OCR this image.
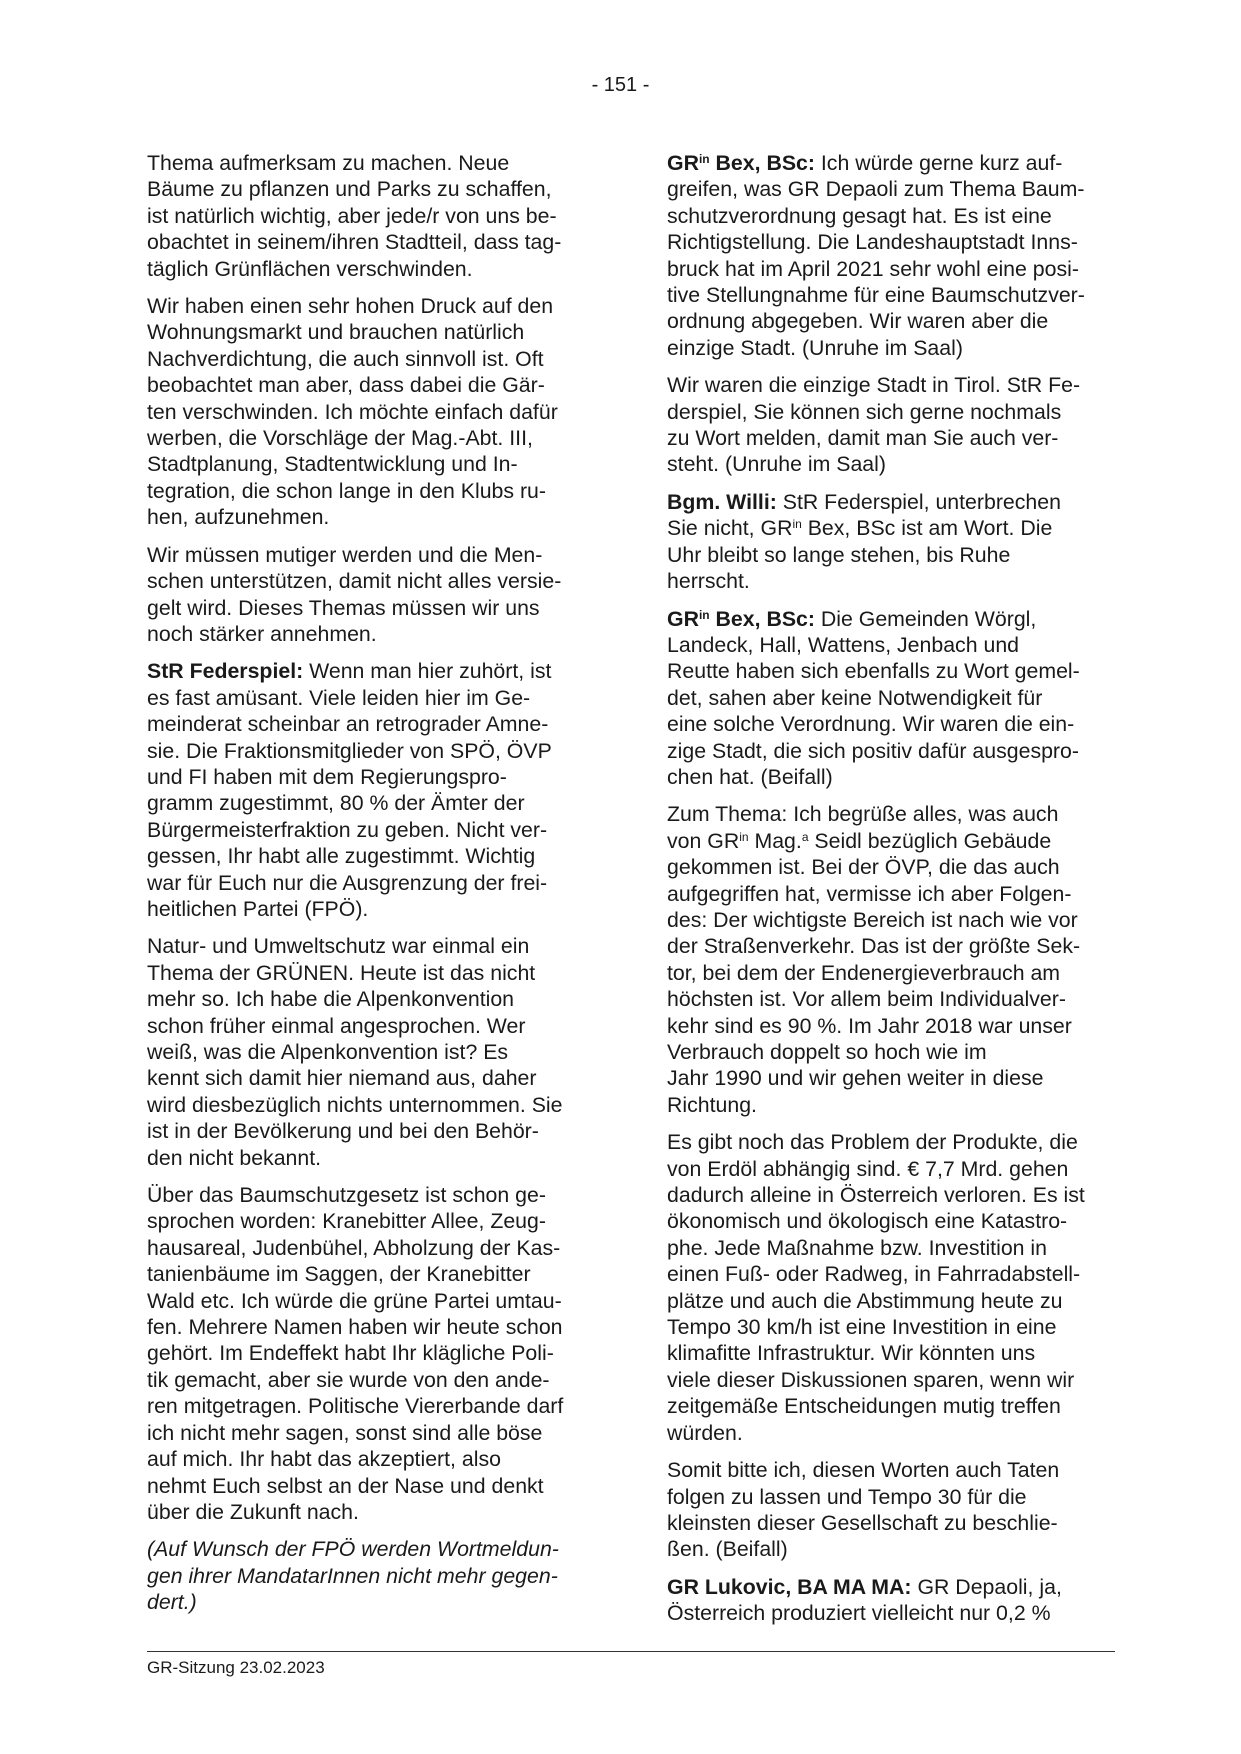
- 151 -

Thema aufmerksam zu machen. Neue
Bäume zu pflanzen und Parks zu schaffen,
ist natürlich wichtig, aber jede/r von uns be-
obachtet in seinem/ihren Stadtteil, dass tag-
täglich Grünflächen verschwinden.

Wir haben einen sehr hohen Druck auf den
Wohnungsmarkt und brauchen natürlich
Nachverdichtung, die auch sinnvoll ist. Oft
beobachtet man aber, dass dabei die Gär-
ten verschwinden. Ich möchte einfach dafür
werben, die Vorschläge der Mag.-Abt. III,
Stadtplanung, Stadtentwicklung und In-
tegration, die schon lange in den Klubs ru-
hen, aufzunehmen.

Wir müssen mutiger werden und die Men-
schen unterstützen, damit nicht alles versie-
gelt wird. Dieses Themas müssen wir uns
noch stärker annehmen.

StR Federspiel: Wenn man hier zuhört, ist
es fast amüsant. Viele leiden hier im Ge-
meinderat scheinbar an retrograder Amne-
sie. Die Fraktionsmitglieder von SPÖ, ÖVP
und FI haben mit dem Regierungspro-
gramm zugestimmt, 80 % der Ämter der
Bürgermeisterfraktion zu geben. Nicht ver-
gessen, Ihr habt alle zugestimmt. Wichtig
war für Euch nur die Ausgrenzung der frei-
heitlichen Partei (FPÖ).

Natur- und Umweltschutz war einmal ein
Thema der GRÜNEN. Heute ist das nicht
mehr so. Ich habe die Alpenkonvention
schon früher einmal angesprochen. Wer
weiß, was die Alpenkonvention ist? Es
kennt sich damit hier niemand aus, daher
wird diesbezüglich nichts unternommen. Sie
ist in der Bevölkerung und bei den Behör-
den nicht bekannt.

Über das Baumschutzgesetz ist schon ge-
sprochen worden: Kranebitter Allee, Zeug-
hausareal, Judenbühel, Abholzung der Kas-
tanienbäume im Saggen, der Kranebitter
Wald etc. Ich würde die grüne Partei umtau-
fen. Mehrere Namen haben wir heute schon
gehört. Im Endeffekt habt Ihr klägliche Poli-
tik gemacht, aber sie wurde von den ande-
ren mitgetragen. Politische Viererbande darf
ich nicht mehr sagen, sonst sind alle böse
auf mich. Ihr habt das akzeptiert, also
nehmt Euch selbst an der Nase und denkt
über die Zukunft nach.

(Auf Wunsch der FPÖ werden Wortmeldun-
gen ihrer MandatarInnen nicht mehr gegen-
dert.)

$GR^{in}$ Bex, BSc: Ich würde gerne kurz auf-
greifen, was GR Depaoli zum Thema Baum-
schutzverordnung gesagt hat. Es ist eine
Richtigstellung. Die Landeshauptstadt Inns-
bruck hat im April 2021 sehr wohl eine posi-
tive Stellungnahme für eine Baumschutzver-
ordnung abgegeben. Wir waren aber die
einzige Stadt. (Unruhe im Saal)

Wir waren die einzige Stadt in Tirol. StR Fe-
derspiel, Sie können sich gerne nochmals
zu Wort melden, damit man Sie auch ver-
steht. (Unruhe im Saal)

Bgm. Willi: StR Federspiel, unterbrechen
Sie nicht, $GR^{in}$ Bex, BSc ist am Wort. Die
Uhr bleibt so lange stehen, bis Ruhe
herrscht.

$GR^{in}$ Bex, BSc: Die Gemeinden Wörgl,
Landeck, Hall, Wattens, Jenbach und
Reutte haben sich ebenfalls zu Wort gemel-
det, sahen aber keine Notwendigkeit für
eine solche Verordnung. Wir waren die ein-
zige Stadt, die sich positiv dafür ausgespro-
chen hat. (Beifall)

Zum Thema: Ich begrüße alles, was auch
von $GR^{in}$ Mag.$^a$ Seidl bezüglich Gebäude
gekommen ist. Bei der ÖVP, die das auch
aufgegriffen hat, vermisse ich aber Folgen-
des: Der wichtigste Bereich ist nach wie vor
der Straßenverkehr. Das ist der größte Sek-
tor, bei dem der Endenergieverbrauch am
höchsten ist. Vor allem beim Individualver-
kehr sind es 90 %. Im Jahr 2018 war unser
Verbrauch doppelt so hoch wie im
Jahr 1990 und wir gehen weiter in diese
Richtung.

Es gibt noch das Problem der Produkte, die
von Erdöl abhängig sind. € 7,7 Mrd. gehen
dadurch alleine in Österreich verloren. Es ist
ökonomisch und ökologisch eine Katastro-
phe. Jede Maßnahme bzw. Investition in
einen Fuß- oder Radweg, in Fahrradabstell-
plätze und auch die Abstimmung heute zu
Tempo 30 km/h ist eine Investition in eine
klimafitte Infrastruktur. Wir könnten uns
viele dieser Diskussionen sparen, wenn wir
zeitgemäße Entscheidungen mutig treffen
würden.

Somit bitte ich, diesen Worten auch Taten
folgen zu lassen und Tempo 30 für die
kleinsten dieser Gesellschaft zu beschlie-
ßen. (Beifall)

GR Lukovic, BA MA MA: GR Depaoli, ja,
Österreich produziert vielleicht nur 0,2 %

GR-Sitzung 23.02.2023
